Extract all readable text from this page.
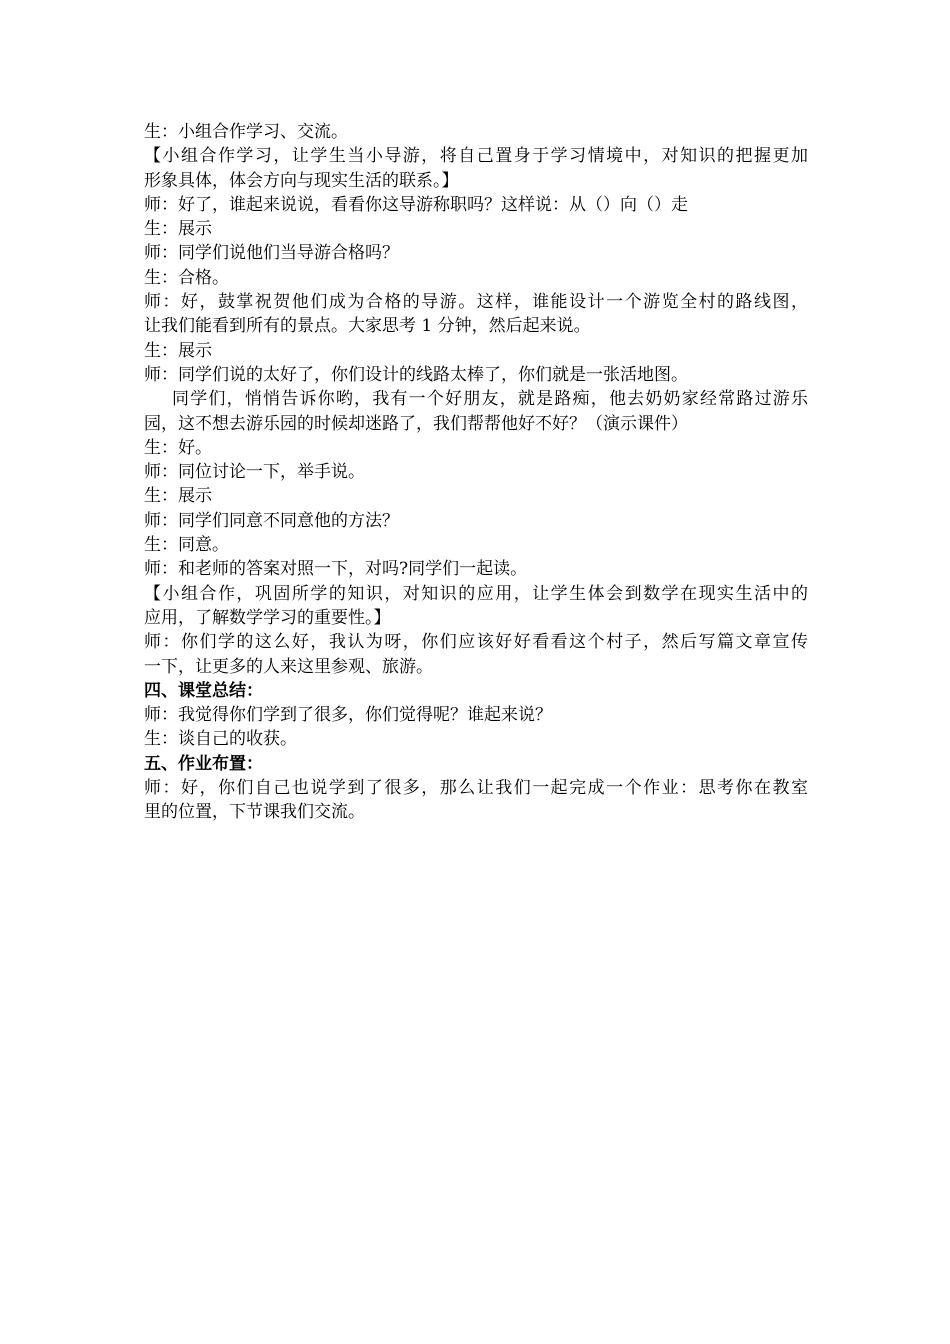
生：小组合作学习、交流。
【小组合作学习，让学生当小导游，将自己置身于学习情境中，对知识的把握更加
形象具体，体会方向与现实生活的联系。】
师：好了，谁起来说说，看看你这导游称职吗？这样说：从（）向（）走
生：展示
师：同学们说他们当导游合格吗？
生：合格。
师：好，鼓掌祝贺他们成为合格的导游。这样，谁能设计一个游览全村的路线图，
让我们能看到所有的景点。大家思考 1 分钟，然后起来说。
生：展示
师：同学们说的太好了，你们设计的线路太棒了，你们就是一张活地图。
同学们，悄悄告诉你哟，我有一个好朋友，就是路痴，他去奶奶家经常路过游乐
园，这不想去游乐园的时候却迷路了，我们帮帮他好不好？（演示课件）
生：好。
师：同位讨论一下，举手说。
生：展示
师：同学们同意不同意他的方法？
生：同意。
师：和老师的答案对照一下，对吗?同学们一起读。
【小组合作，巩固所学的知识，对知识的应用，让学生体会到数学在现实生活中的
应用，了解数学学习的重要性。】
师：你们学的这么好，我认为呀，你们应该好好看看这个村子，然后写篇文章宣传
一下，让更多的人来这里参观、旅游。
四、课堂总结：
师：我觉得你们学到了很多，你们觉得呢？谁起来说？
生：谈自己的收获。
五、作业布置：
师：好，你们自己也说学到了很多，那么让我们一起完成一个作业：思考你在教室
里的位置，下节课我们交流。
